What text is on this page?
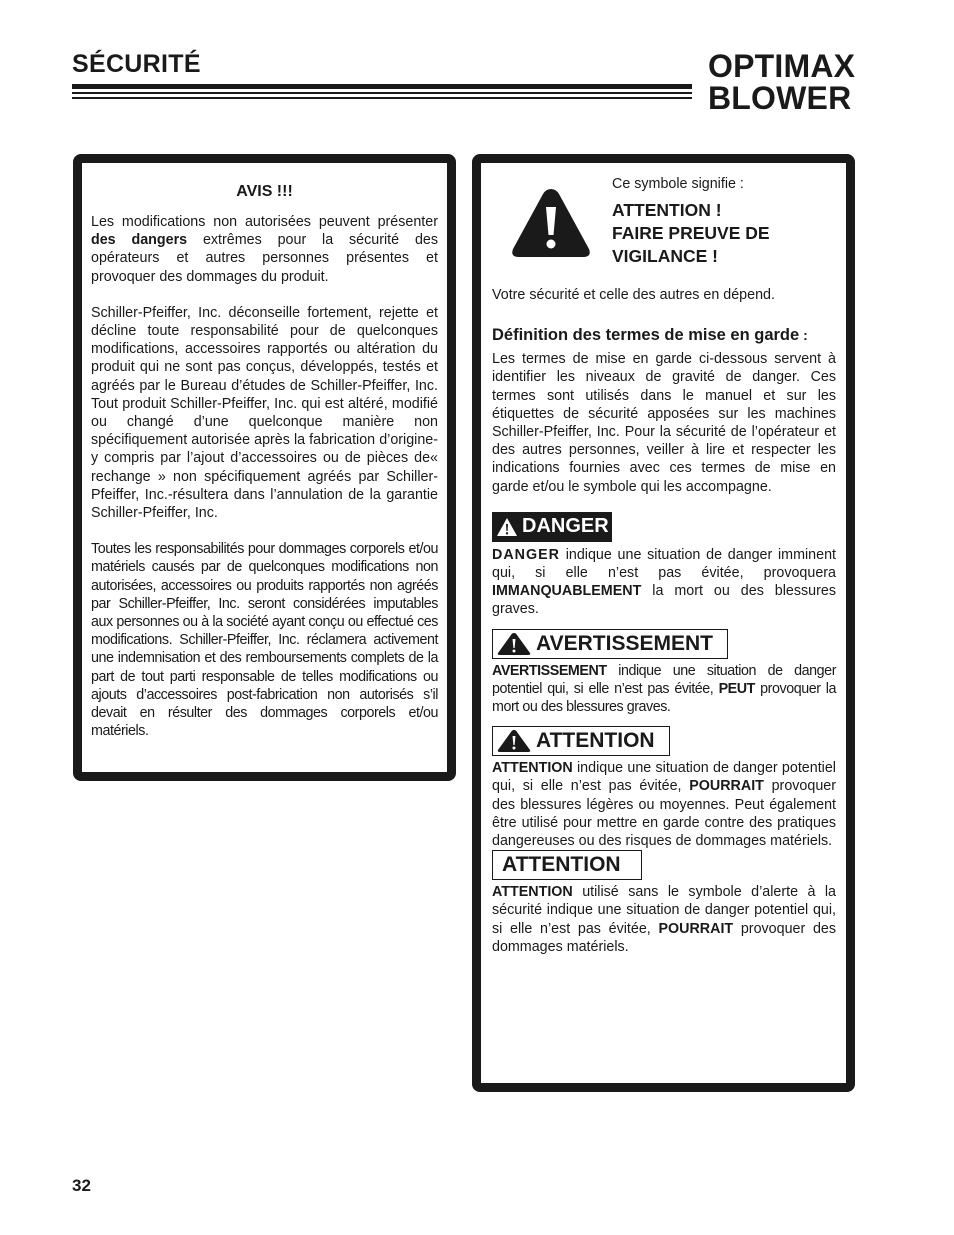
SÉCURITÉ	OPTIMAX
BLOWER

AVIS !!!

Les modifications non autorisées peuvent présenter des dangers extrêmes pour la sécurité des opérateurs et autres personnes présentes et provoquer des dommages du produit.

Schiller-Pfeiffer, Inc. déconseille fortement, rejette et décline toute responsabilité pour de quelconques modifications, accessoires rapportés ou altération du produit qui ne sont pas conçus, développés, testés et agréés par le Bureau d’études de Schiller-Pfeiffer, Inc. Tout produit Schiller-Pfeiffer, Inc. qui est altéré, modifié ou changé d’une quelconque manière non spécifiquement autorisée après la fabrication d’origine-y compris par l’ajout d’accessoires ou de pièces de« rechange » non spécifiquement agréés par Schiller-Pfeiffer, Inc.-résultera dans l’annulation de la garantie Schiller-Pfeiffer, Inc.

Toutes les responsabilités pour dommages corporels et/ou matériels causés par de quelconques modifications non autorisées, accessoires ou produits rapportés non agréés par Schiller-Pfeiffer, Inc. seront considérées imputables aux personnes ou à la société ayant conçu ou effectué ces modifications. Schiller-Pfeiffer, Inc. réclamera activement une indemnisation et des remboursements complets de la part de tout parti responsable de telles modifications ou ajouts d’accessoires post-fabrication non autorisés s’il devait en résulter des dommages corporels et/ou matériels.

Ce symbole signifie :

ATTENTION !

FAIRE PREUVE DE

VIGILANCE !

Votre sécurité et celle des autres en dépend.

Définition des termes de mise en garde :

Les termes de mise en garde ci-dessous servent à identifier les niveaux de gravité de danger. Ces termes sont utilisés dans le manuel et sur les étiquettes de sécurité apposées sur les machines Schiller-Pfeiffer, Inc. Pour la sécurité de l’opérateur et des autres personnes, veiller à lire et respecter les indications fournies avec ces termes de mise en garde et/ou le symbole qui les accompagne.

DANGER

DANGER indique une situation de danger imminent qui, si elle n’est pas évitée, provoquera IMMANQUABLEMENT la mort ou des blessures graves.

AVERTISSEMENT

AVERTISSEMENT indique une situation de danger potentiel qui, si elle n’est pas évitée, PEUT provoquer la mort ou des blessures graves.

ATTENTION

ATTENTION indique une situation de danger potentiel qui, si elle n’est pas évitée, POURRAIT provoquer des blessures légères ou moyennes. Peut également être utilisé pour mettre en garde contre des pratiques dangereuses ou des risques de dommages matériels.

ATTENTION

ATTENTION utilisé sans le symbole d’alerte à la sécurité indique une situation de danger potentiel qui, si elle n’est pas évitée, POURRAIT provoquer des dommages matériels.

32
